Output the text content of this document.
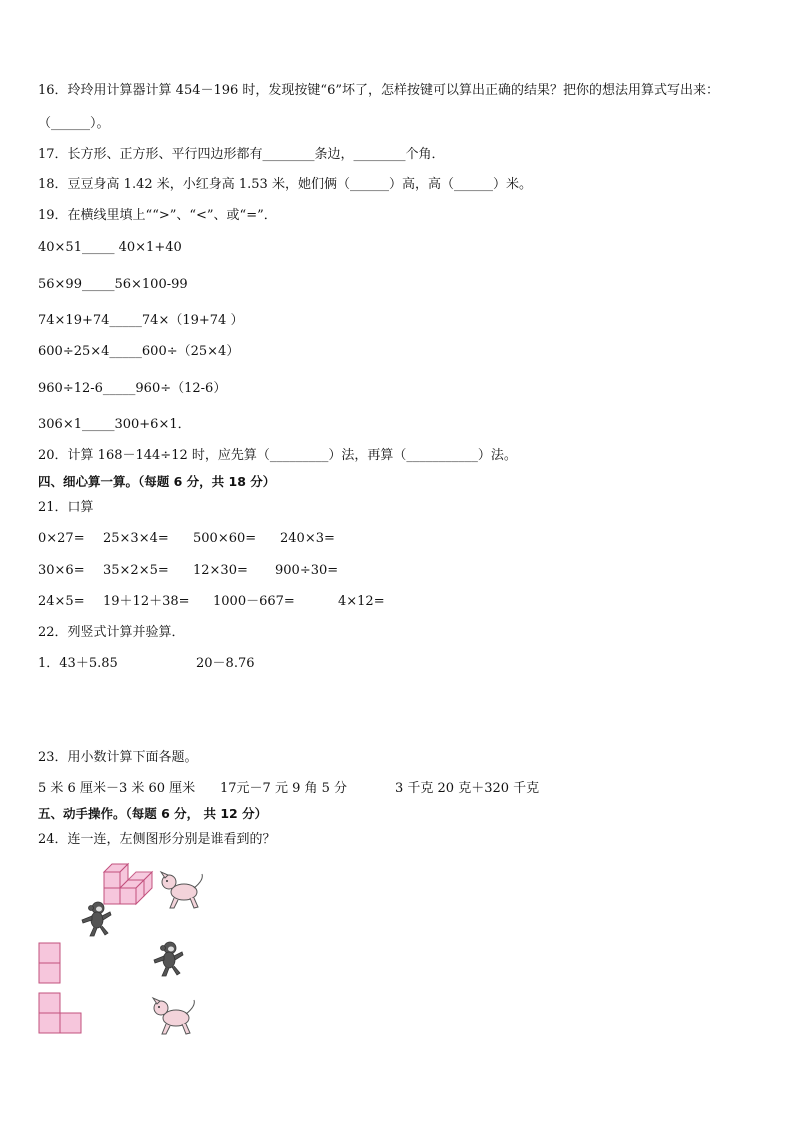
16．玲玲用计算器计算 454－196 时，发现按键“6”坏了，怎样按键可以算出正确的结果？把你的想法用算式写出来：
（______）。
17．长方形、正方形、平行四边形都有________条边，________个角．
18．豆豆身高 1.42 米，小红身高 1.53 米，她们俩（______）高，高（______）米。
19．在横线里填上““>”、“<”、或“=”．
40×51_____ 40×1+40
56×99_____56×100-99
74×19+74_____74×（19+74 ）
600÷25×4_____600÷（25×4）
960÷12-6_____960÷（12-6）
306×1_____300+6×1．
20．计算 168－144÷12 时，应先算（_________）法，再算（___________）法。
四、细心算一算。（每题 6 分，共 18 分）
21．口算
0×27= 25×3×4= 500×60= 240×3=
30×6= 35×2×5= 12×30= 900÷30=
24×5= 19＋12＋38= 1000－667=	4×12=
22．列竖式计算并验算．
1．43＋5.85	20－8.76
23．用小数计算下面各题。
5 米 6 厘米－3 米 60 厘米 17元－7 元 9 角 5 分	3 千克 20 克＋320 千克
五、动手操作。（每题 6 分， 共 12 分）
24．连一连，左侧图形分别是谁看到的？
